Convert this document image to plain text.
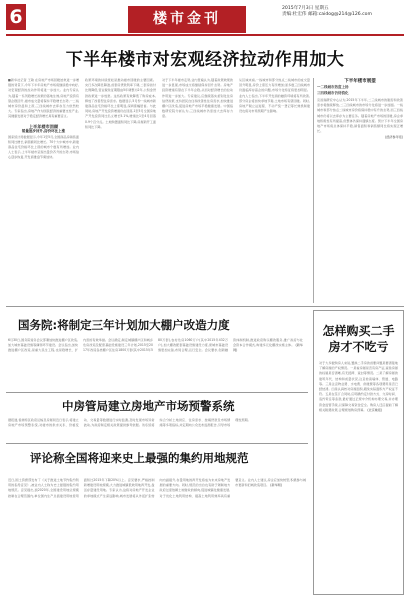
6	楼市金刊
2015年7月3日 星期五
责编:杜宏伟 邮箱:caidog@214@126.com
下半年楼市对宏观经济拉动作用加大
■新华社记者 王敏 在房地产市场回暖迹象进一步增强的背景下,今年下半年房地产市场将继续稳中向好,对宏观经济的拉动作用将进一步加大。业内专家认为,随着一系列稳增长政策的落地生效,房地产投资有望企稳回升,楼市成交量将保持平稳增长态势,一二线城市房价温和上涨,三四线城市去库存压力依然较大。专家指出,房地产作为国民经济的重要支柱产业,其健康发展对于稳定经济增长具有重要意义。
上半年楼市回顾
销量逐步回升,房价环比上涨
国家统计局数据显示,今年1至5月,全国商品房销售面积同比增长,销售额同比增长。70个大中城市中,新建商品住宅价格环比上涨的城市个数有所增加。业内人士表示,上半年楼市呈现出量价齐升的态势,市场信心逐步恢复,开发商推盘节奏加快。
政策环境的持续宽松是推动楼市回暖的主要因素。央行多次降息降准,首套房贷款利率下调,二套房首付比例降低,营业税免征期限由5年调整为2年,公积金贷款政策进一步放宽。这些政策有效降低了购房成本,释放了改善型住房需求。数据显示,5月份一线城市新建商品住宅价格环比上涨明显,深圳涨幅居首。与此同时,房地产开发投资增速仍在回落,1至5月全国房地产开发投资同比名义增长5.1%,增速比1至4月回落0.9个百分点。土地购置面积同比下降,房屋新开工面积同比下降。
对于下半年楼市走势,业内普遍认为,随着政策效果的进一步显现,市场成交将继续保持回升态势。房地产投资增速有望在下半年企稳,从而对经济增长的拉动作用进一步加大。专家建议,应继续落实差别化住房信贷政策,支持居民自住和改善性住房需求,加快推进棚户区改造,促进房地产市场平稳健康发展。中国指数研究院分析认为,三四线城市仍需加大去库存力度。
从区域来看,一线城市和部分热点二线城市的成交量回升明显,房价上涨压力有所增加;而多数三四线城市仍面临库存高企的问题,市场分化特征将更加明显。业内人士指出,下半年开发商的融资环境将有所改善,部分房企将加快拿地节奏,土地市场有望回暖。同时,房地产税立法进程、不动产统一登记等长效机制建设也将对市场预期产生影响。
下半年楼市展望
一二线城市热度上扬
三四线城市仍待消化
克而瑞研究中心认为,2015年下半年,二三线城市的刚需和改善需求将继续释放,二三四线城市的市场分化将进一步加剧。一线城市和部分热点二线城市房价将保持稳中有升的态势,而三四线城市仍将以去库存为主要任务。随着房地产市场的回暖,房企拿地积极性有所提高,但整体仍保持谨慎态度。预计下半年全国房地产市场将总体保持平稳,销售面积和销售额同比将实现正增长。
(经济参考报)
国务院:将制定三年计划加大棚户改造力度
6月30日,国务院常务会议部署加快推进棚户区改造,加大城市基础设施等薄弱环节建设。会议指出,加快推进棚户区改造,是重大民生工程,也是稳增长、扩内需的有效举措。会议确定,制定城镇棚户区和城乡危房改造及配套基础设施建设三年计划,2015至2017年改造各类棚户区住房1800万套(其中2015年580万套),农村危房1060万户(其中2015年432万户),加大棚改配套基础设施建设力度,使城市基础设施更加完备,布局合理,运行安全。会议要求,创新融资体制机制,推进政府购买棚改服务,推广政府与社会资本合作模式,构建多元化棚改实施主体。 (新华网)
怎样购买二手房才不吃亏
对于大多数购房人来说,置换二手房的首要问题是要清楚地了解房屋的产权情况。一是看房屋是否有房产证,查验房屋的权属是否清晰,有无抵押、查封等情况。二是了解房屋的建筑年代、结构和质量状况,注意检查墙体、管道、电路等。三是注意物业费、水电费、供暖费等各项费用是否已经结清。四是认真核对房屋面积,避免实际面积与产权证不符。五是在签订合同时,应明确约定付款方式、交房时间、违约责任等条款,最好通过正规中介机构办理交易,并办理资金监管手续,以保障交易资金安全。购房人还应提前了解相关税费政策,合理规划购房预算。 (北京晚报)
中房管局建立房地产市场预警系统
据报道,香港特区政府运输及房屋局近日表示,将建立房地产市场预警系统,对楼市的供求关系、价格变动、交易量等数据进行实时监测,及时发现市场异常波动,为政府制定相关政策提供参考依据。该系统将综合分析土地供应、住房需求、按揭贷款及市场情绪等多项指标,并定期向公众发布监测报告,引导市场理性预期。
评论称全国将迎来史上最强的集约用地规范
近日,国土资源部发布了《关于推进土地节约集约利用的指导意见》,被业内人士称为史上最强的集约用地规范。意见提出,到2020年,全国建设用地总规模控制在合理范围内,单位国内生产总值建设用地使用面积比2015年下降20%以上。意见要求,严格控制新增建设用地规模,大力推进城镇低效用地再开发,盘活存量建设用地。专家认为,这将对房地产开发企业的拿地模式产生深远影响,城市发展将从外延扩张转向内涵提升,存量用地的再开发将成为未来房地产发展的重要方向。同时,规范的出台也有助于遏制地方政府过度依赖土地财政的倾向,促进城镇化健康发展,对于优化土地利用结构、提高土地利用效率具有重要意义。业内人士建议,房企应加快转型,积极参与城市更新和旧城改造项目。 (新华网)
